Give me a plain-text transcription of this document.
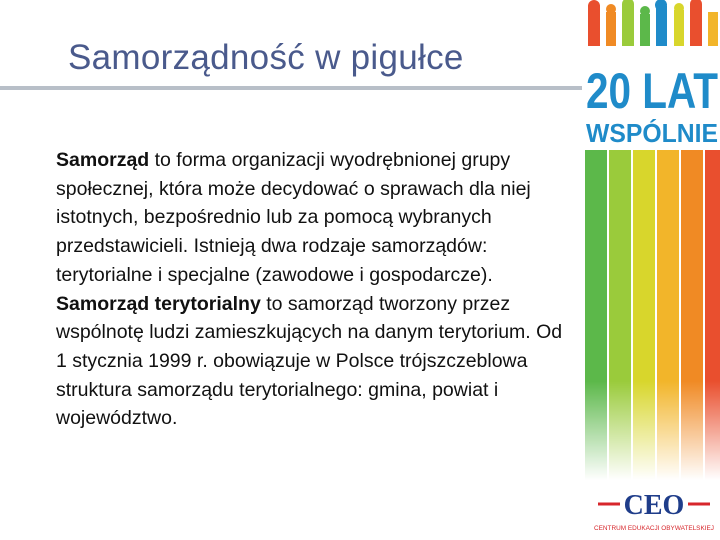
Samorządność w pigułce
Samorząd to forma organizacji wyodrębnionej grupy społecznej, która może decydować o sprawach dla niej istotnych, bezpośrednio lub za pomocą wybranych przedstawicieli. Istnieją dwa rodzaje samorządów: terytorialne i specjalne (zawodowe i gospodarcze).
Samorząd terytorialny to samorząd tworzony przez wspólnotę ludzi zamieszkujących na danym terytorium. Od 1 stycznia 1999 r. obowiązuje w Polsce trójszczeblowa struktura samorządu terytorialnego: gmina, powiat i województwo.
20 LAT
WSPÓLNIE
CEO
CENTRUM EDUKACJI OBYWATELSKIEJ
